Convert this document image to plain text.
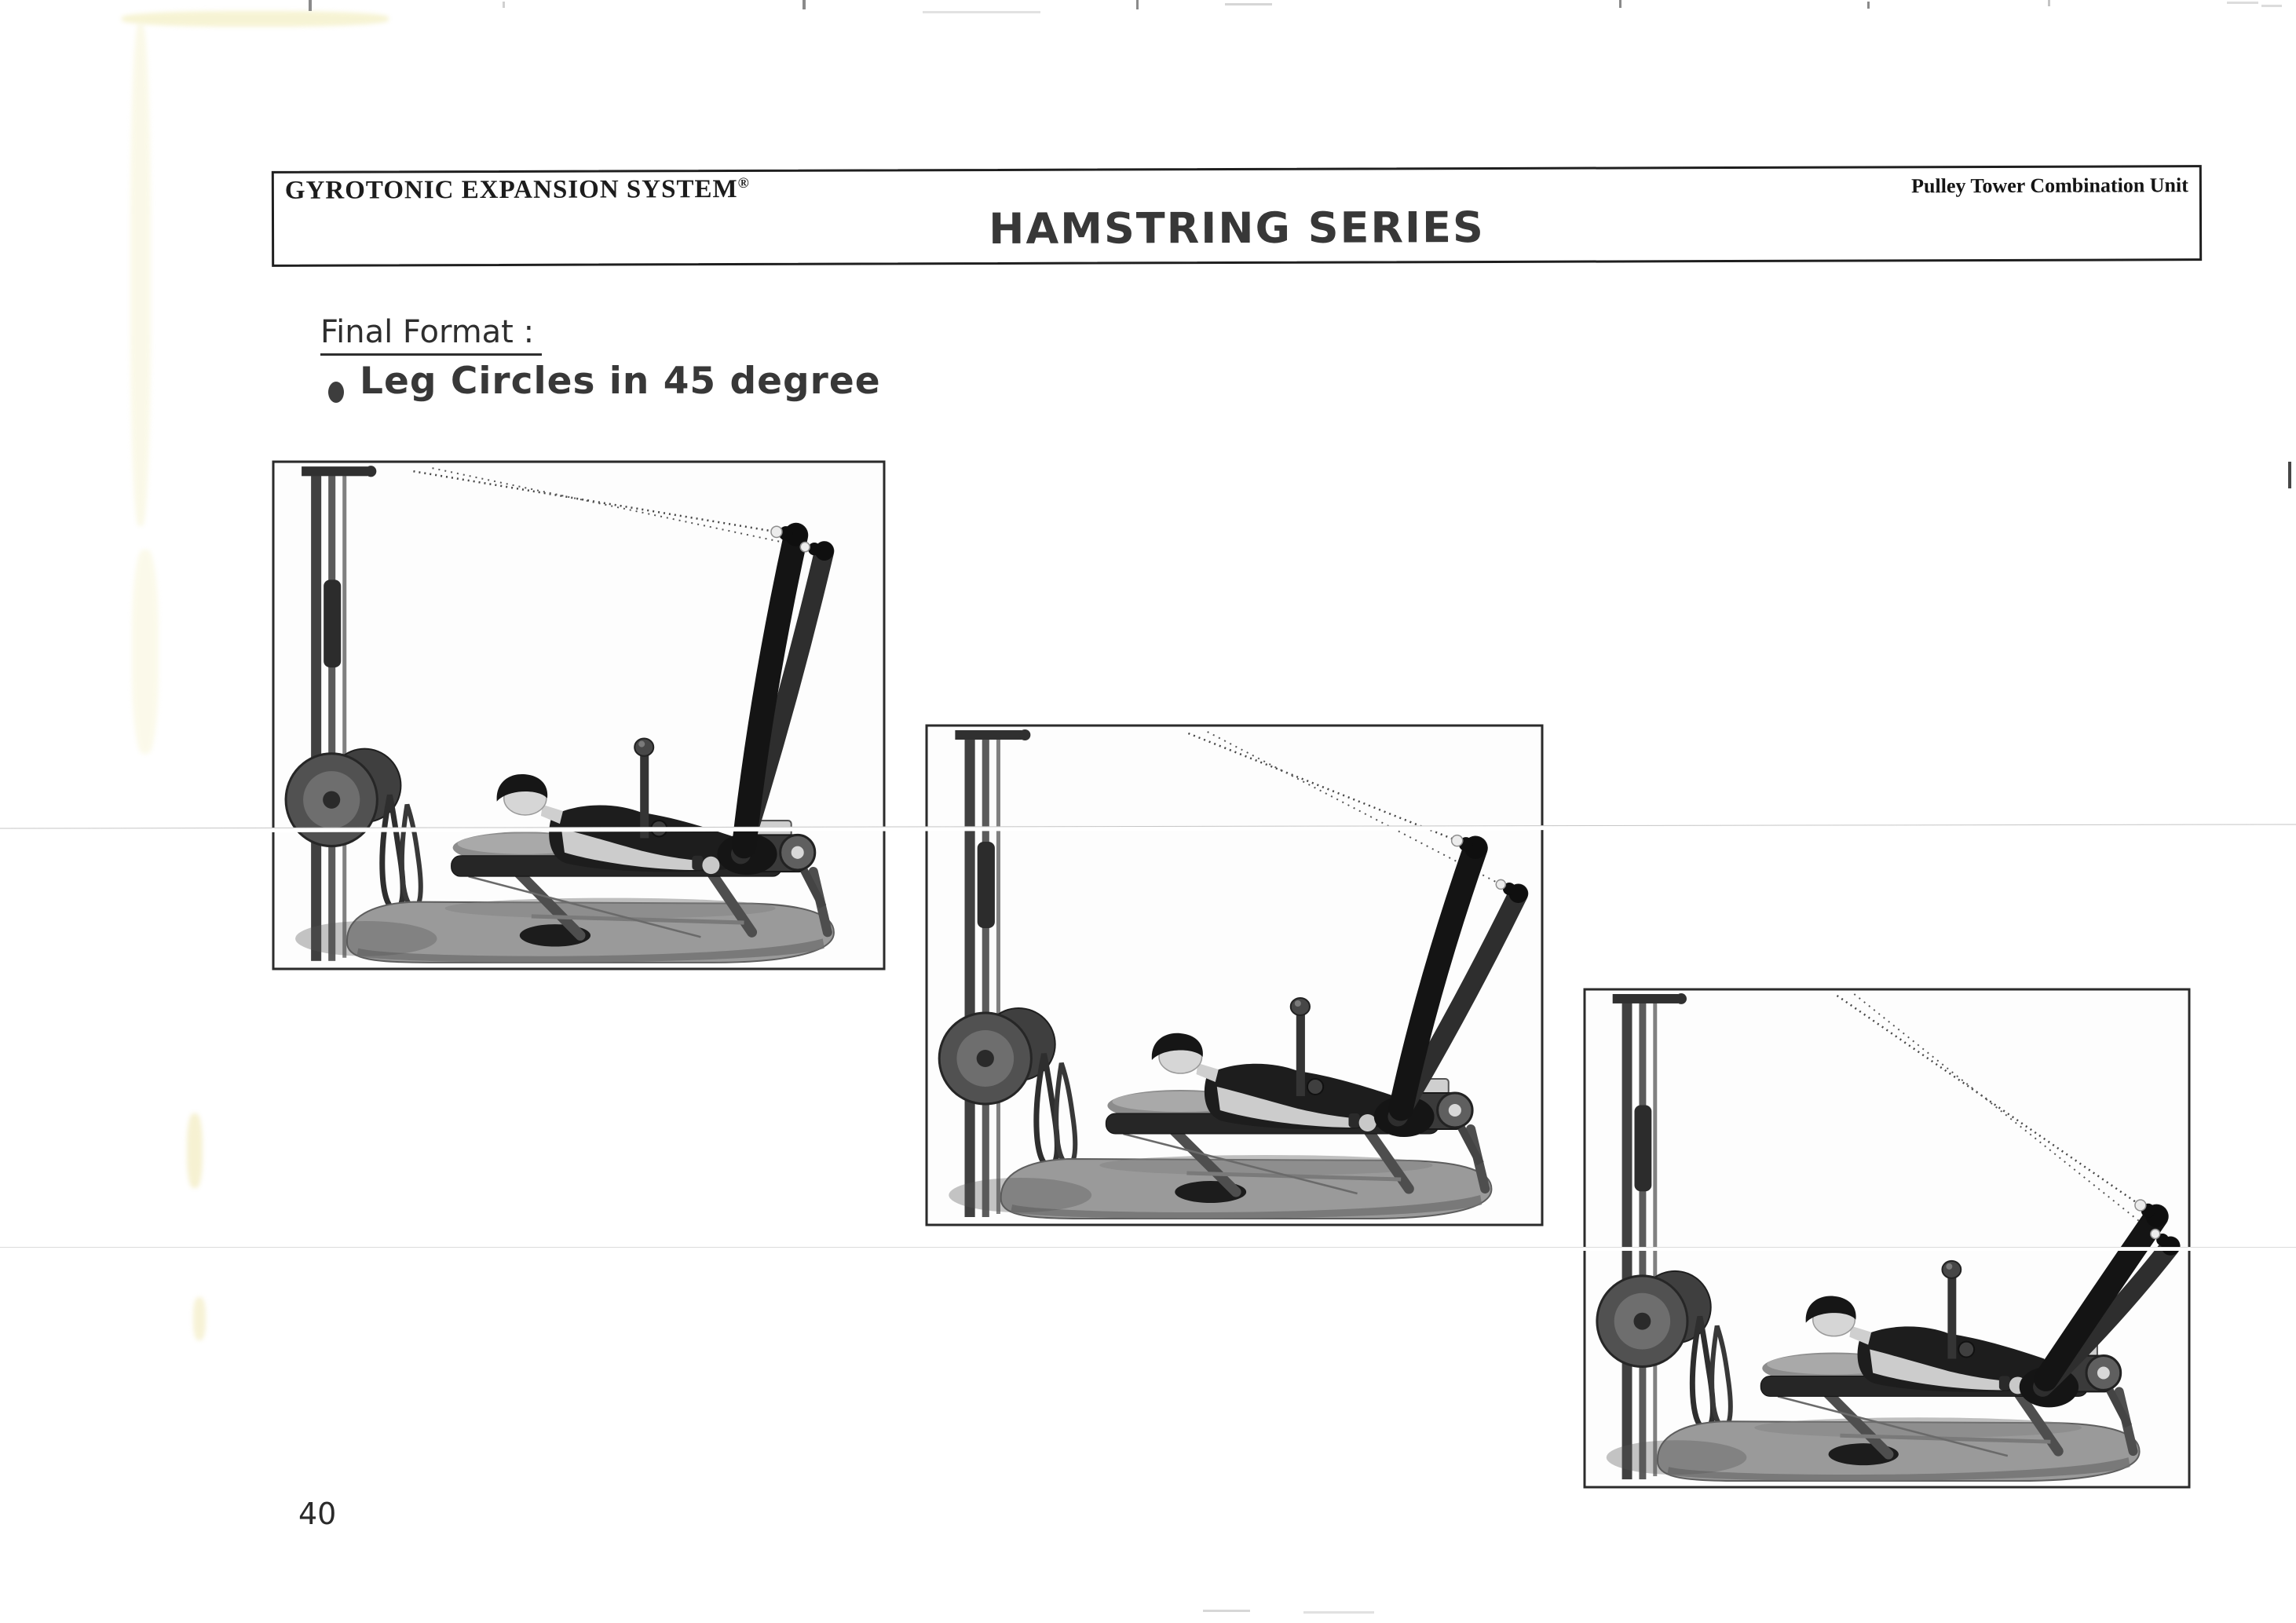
GYROTONIC EXPANSION SYSTEM®	Pulley Tower Combination Unit
HAMSTRING SERIES
Final Format :
Leg Circles in 45 degree
40
